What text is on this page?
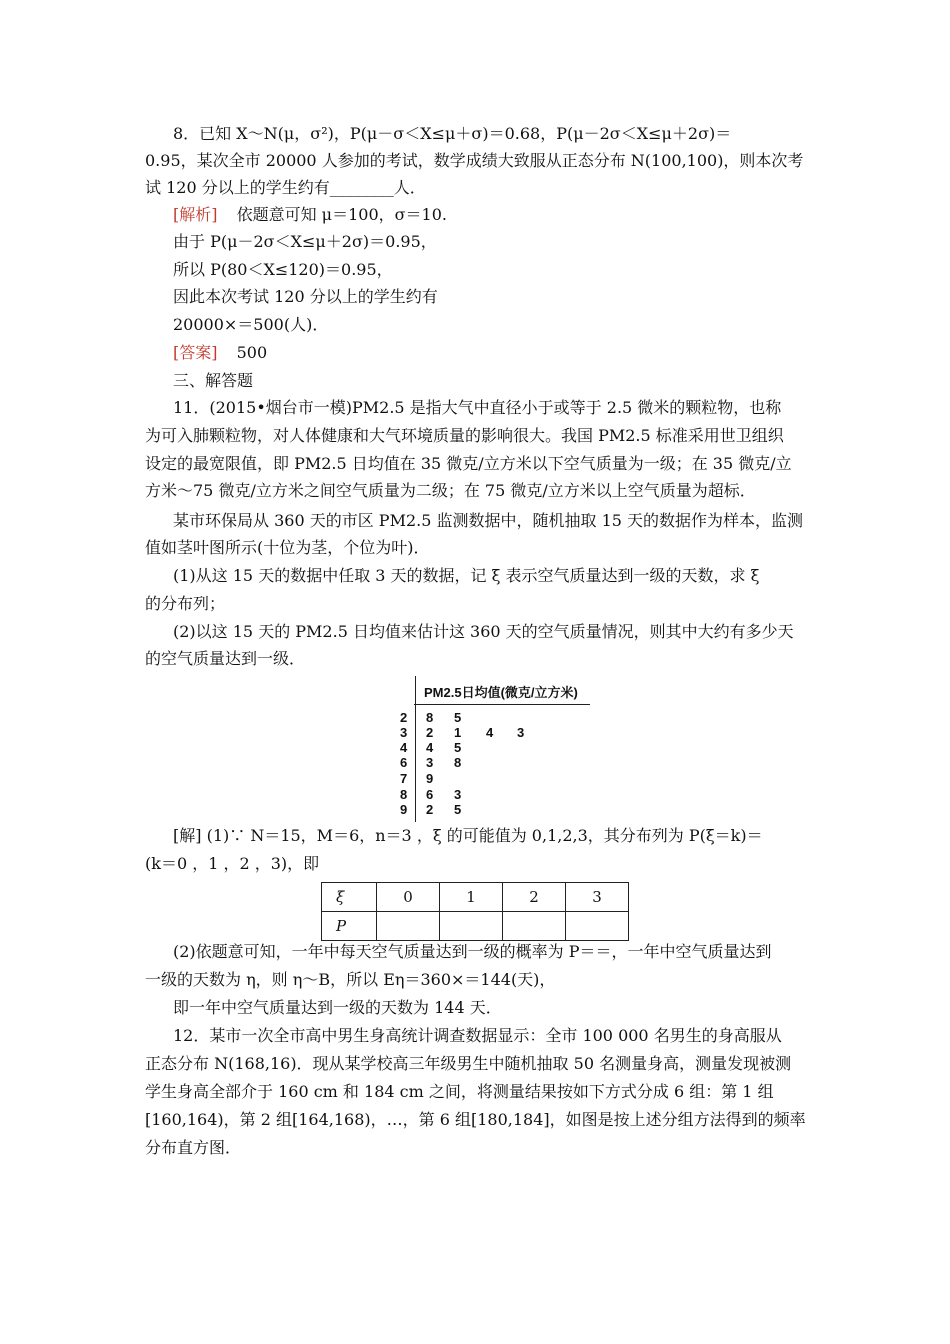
8．已知 X～N(μ，σ²)，P(μ－σ＜X≤μ＋σ)＝0.68，P(μ－2σ＜X≤μ＋2σ)＝
0.95，某次全市 20000 人参加的考试，数学成绩大致服从正态分布 N(100,100)，则本次考
试 120 分以上的学生约有________人．
[解析] 依题意可知 μ＝100，σ＝10.
由于 P(μ－2σ＜X≤μ＋2σ)＝0.95，
所以 P(80＜X≤120)＝0.95，
因此本次考试 120 分以上的学生约有
20000×＝500(人)．
[答案] 500
三、解答题
11．(2015•烟台市一模)PM2.5 是指大气中直径小于或等于 2.5 微米的颗粒物，也称
为可入肺颗粒物，对人体健康和大气环境质量的影响很大。我国 PM2.5 标准采用世卫组织
设定的最宽限值，即 PM2.5 日均值在 35 微克/立方米以下空气质量为一级；在 35 微克/立
方米～75 微克/立方米之间空气质量为二级；在 75 微克/立方米以上空气质量为超标．
某市环保局从 360 天的市区 PM2.5 监测数据中，随机抽取 15 天的数据作为样本，监测
值如茎叶图所示(十位为茎，个位为叶)．
(1)从这 15 天的数据中任取 3 天的数据，记 ξ 表示空气质量达到一级的天数，求 ξ
的分布列；
(2)以这 15 天的 PM2.5 日均值来估计这 360 天的空气质量情况，则其中大约有多少天
的空气质量达到一级．
PM2.5日均值(微克/立方米)
2 8 5
3 2 1 4 3
4 4 5
6 3 8
7 9
8 6 3
9 2 5
[解] (1)∵ N＝15，M＝6，n＝3 ，ξ 的可能值为 0,1,2,3，其分布列为 P(ξ＝k)＝
(k＝0 ，1 ，2 ，3)，即
ξ	0	1	2	3
P				
(2)依题意可知，一年中每天空气质量达到一级的概率为 P＝＝，一年中空气质量达到
一级的天数为 η，则 η～B，所以 Eη＝360×＝144(天)，
即一年中空气质量达到一级的天数为 144 天．
12．某市一次全市高中男生身高统计调查数据显示：全市 100 000 名男生的身高服从
正态分布 N(168,16)．现从某学校高三年级男生中随机抽取 50 名测量身高，测量发现被测
学生身高全部介于 160 cm 和 184 cm 之间，将测量结果按如下方式分成 6 组：第 1 组
[160,164)，第 2 组[164,168)，…，第 6 组[180,184]，如图是按上述分组方法得到的频率
分布直方图．
